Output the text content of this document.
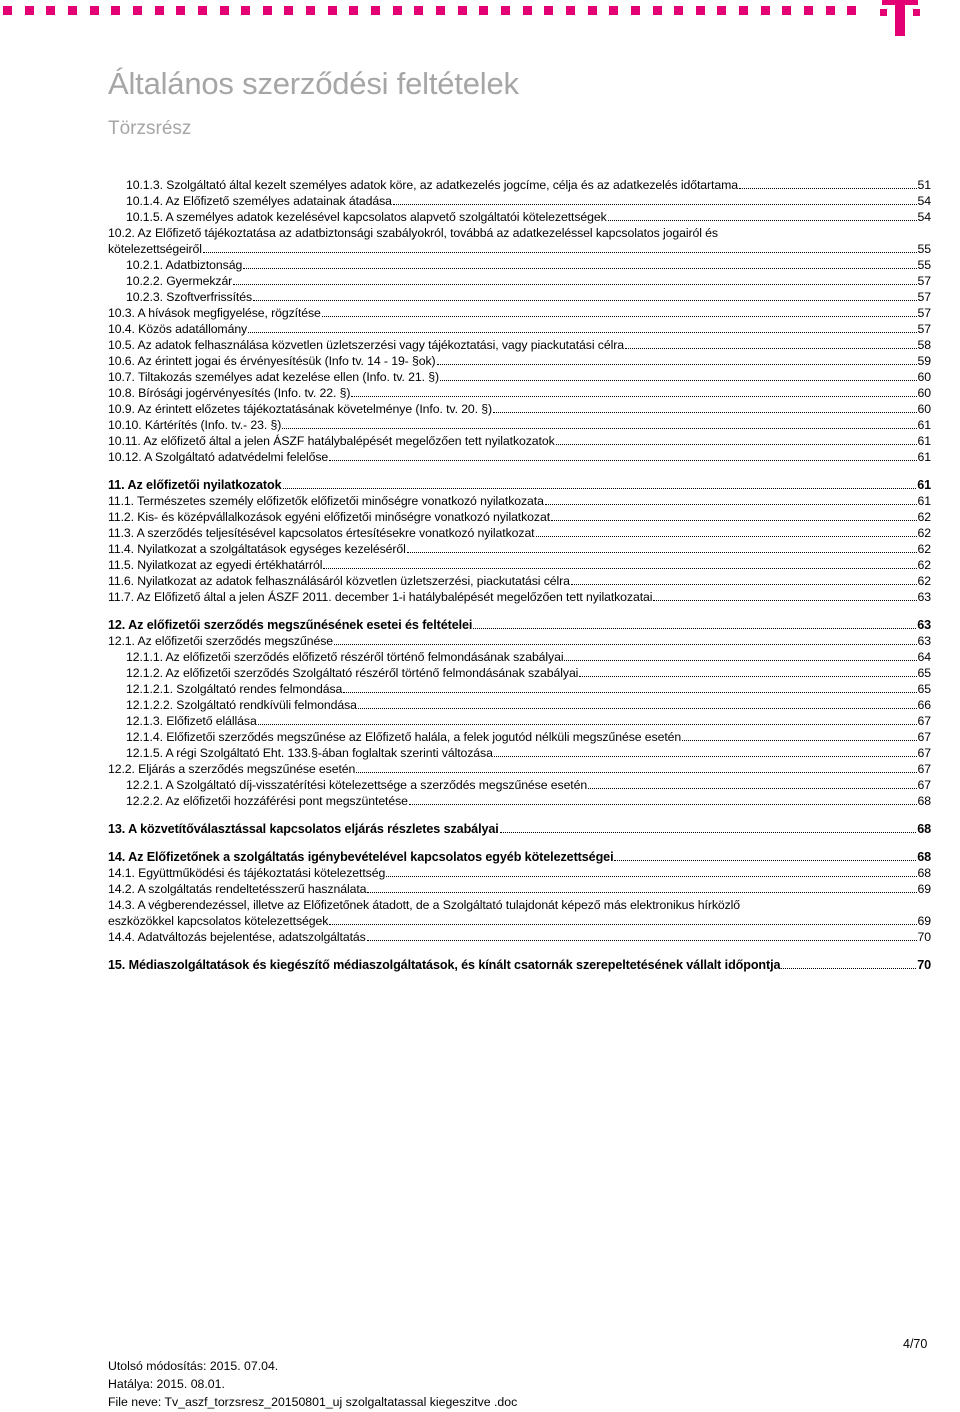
Általános szerződési feltételek
Törzsrész
10.1.3. Szolgáltató által kezelt személyes adatok köre, az adatkezelés jogcíme, célja és az adatkezelés időtartama	51
10.1.4. Az Előfizető személyes adatainak átadása	54
10.1.5. A személyes adatok kezelésével kapcsolatos alapvető szolgáltatói kötelezettségek	54
10.2. Az Előfizető tájékoztatása az adatbiztonsági szabályokról, továbbá az adatkezeléssel kapcsolatos jogairól és
kötelezettségeiről	55
10.2.1. Adatbiztonság	55
10.2.2. Gyermekzár	57
10.2.3. Szoftverfrissítés	57
10.3. A hívások megfigyelése, rögzítése	57
10.4. Közös adatállomány	57
10.5. Az adatok felhasználása közvetlen üzletszerzési vagy tájékoztatási, vagy piackutatási célra	58
10.6. Az érintett jogai és érvényesítésük (Info tv. 14 - 19- §ok)	59
10.7. Tiltakozás személyes adat kezelése ellen (Info. tv. 21. §)	60
10.8. Bírósági jogérvényesítés (Info. tv. 22. §)	60
10.9. Az érintett előzetes tájékoztatásának követelménye (Info. tv. 20. §)	60
10.10. Kártérítés (Info. tv.- 23. §)	61
10.11. Az előfizető által a jelen ÁSZF hatálybalépését megelőzően tett nyilatkozatok	61
10.12. A Szolgáltató adatvédelmi felelőse	61
11. Az előfizetői nyilatkozatok	61
11.1. Természetes személy előfizetők előfizetői minőségre vonatkozó nyilatkozata	61
11.2. Kis- és középvállalkozások egyéni előfizetői minőségre vonatkozó nyilatkozat	62
11.3. A szerződés teljesítésével kapcsolatos értesítésekre vonatkozó nyilatkozat	62
11.4. Nyilatkozat a szolgáltatások egységes kezeléséről	62
11.5. Nyilatkozat az egyedi értékhatárról	62
11.6. Nyilatkozat az adatok felhasználásáról közvetlen üzletszerzési, piackutatási célra	62
11.7. Az Előfizető által a jelen ÁSZF 2011. december 1-i hatálybalépését megelőzően tett nyilatkozatai	63
12. Az előfizetői szerződés megszűnésének esetei és feltételei	63
12.1. Az előfizetői szerződés megszűnése	63
12.1.1. Az előfizetői szerződés előfizető részéről történő felmondásának szabályai	64
12.1.2. Az előfizetői szerződés Szolgáltató részéről történő felmondásának szabályai	65
12.1.2.1. Szolgáltató rendes felmondása	65
12.1.2.2. Szolgáltató rendkívüli felmondása	66
12.1.3. Előfizető elállása	67
12.1.4. Előfizetői szerződés megszűnése az Előfizető halála, a felek jogutód nélküli megszűnése esetén	67
12.1.5. A régi Szolgáltató Eht. 133.§-ában foglaltak szerinti változása	67
12.2. Eljárás a szerződés megszűnése esetén	67
12.2.1. A Szolgáltató díj-visszatérítési kötelezettsége a szerződés megszűnése esetén	67
12.2.2. Az előfizetői hozzáférési pont megszüntetése	68
13. A közvetítőválasztással kapcsolatos eljárás részletes szabályai	68
14. Az Előfizetőnek a szolgáltatás igénybevételével kapcsolatos egyéb kötelezettségei	68
14.1. Együttműködési és tájékoztatási kötelezettség	68
14.2. A szolgáltatás rendeltetésszerű használata	69
14.3. A végberendezéssel, illetve az Előfizetőnek átadott, de a Szolgáltató tulajdonát képező más elektronikus hírközlő
eszközökkel kapcsolatos kötelezettségek	69
14.4. Adatváltozás bejelentése, adatszolgáltatás	70
15. Médiaszolgáltatások és kiegészítő médiaszolgáltatások, és kínált csatornák szerepeltetésének vállalt időpontja	70
4/70
Utolsó módosítás: 2015. 07.04.
Hatálya: 2015. 08.01.
File neve: Tv_aszf_torzsresz_20150801_uj szolgaltatassal kiegeszitve .doc
